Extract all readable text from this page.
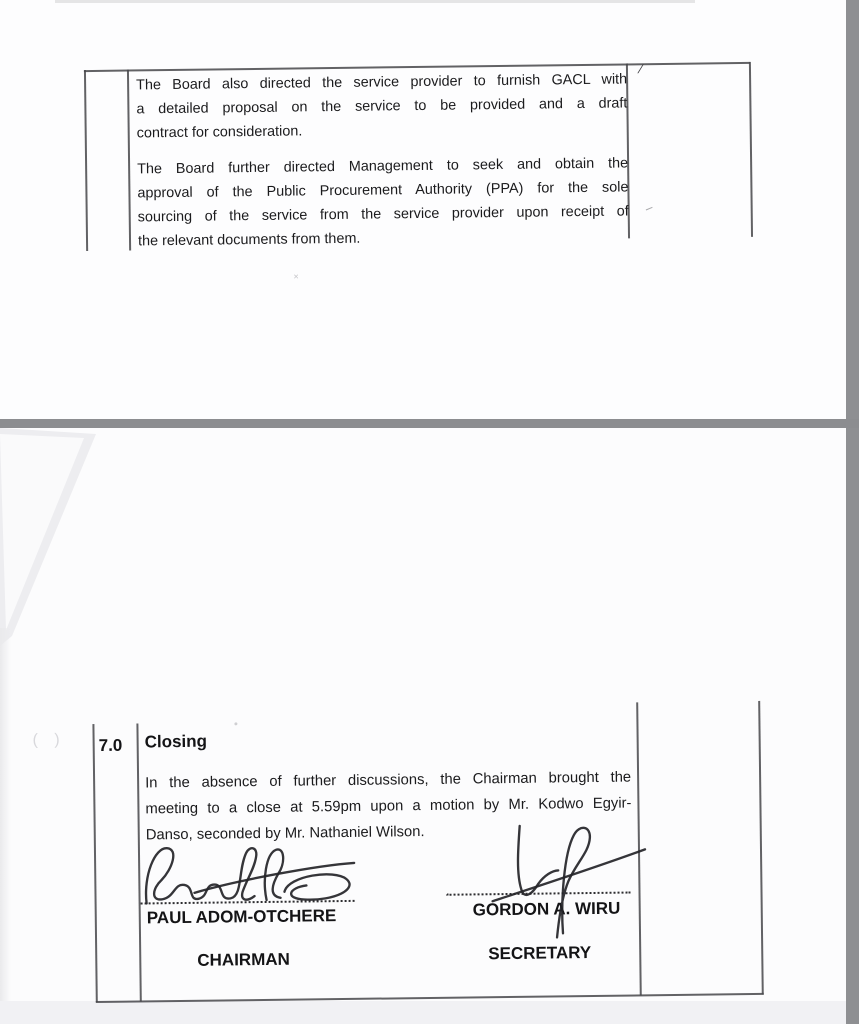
The Board also directed the service provider to furnish GACL with
a detailed proposal on the service to be provided and a draft
contract for consideration.
The Board further directed Management to seek and obtain the
approval of the Public Procurement Authority (PPA) for the sole
sourcing of the service from the service provider upon receipt of
the relevant documents from them.
⁄
×
( ) 7.0 Closing
In the absence of further discussions, the Chairman brought the
meeting to a close at 5.59pm upon a motion by Mr. Kodwo Egyir-
Danso, seconded by Mr. Nathaniel Wilson.
PAUL ADOM-OTCHERE
CHAIRMAN
GORDON A. WIRU
SECRETARY
